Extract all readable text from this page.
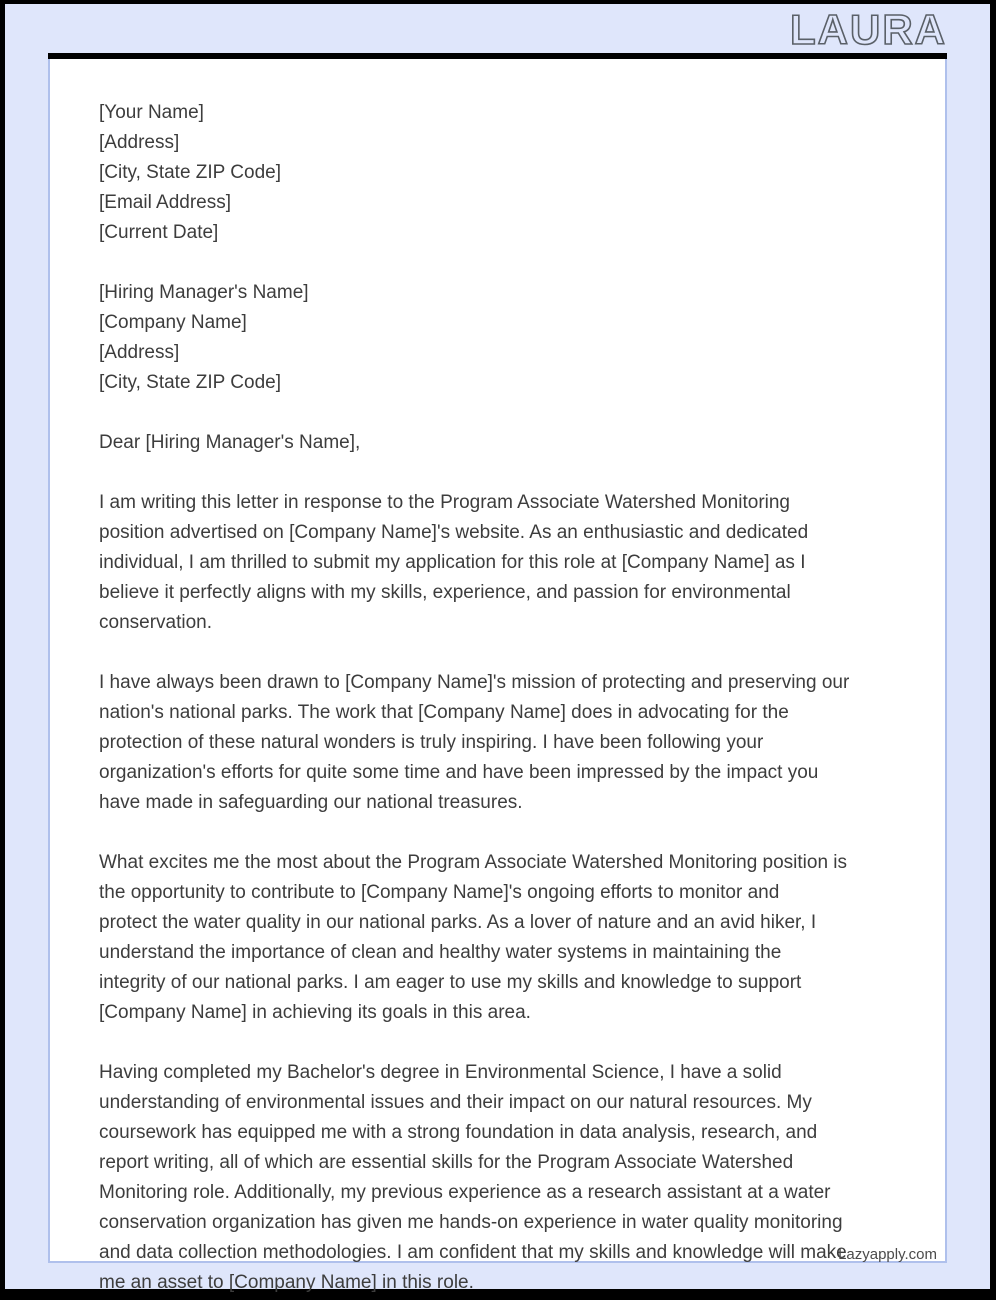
LAURA
[Your Name]
[Address]
[City, State ZIP Code]
[Email Address]
[Current Date]
[Hiring Manager's Name]
[Company Name]
[Address]
[City, State ZIP Code]
Dear [Hiring Manager's Name],
I am writing this letter in response to the Program Associate Watershed Monitoring
position advertised on [Company Name]'s website. As an enthusiastic and dedicated
individual, I am thrilled to submit my application for this role at [Company Name] as I
believe it perfectly aligns with my skills, experience, and passion for environmental
conservation.
I have always been drawn to [Company Name]'s mission of protecting and preserving our
nation's national parks. The work that [Company Name] does in advocating for the
protection of these natural wonders is truly inspiring. I have been following your
organization's efforts for quite some time and have been impressed by the impact you
have made in safeguarding our national treasures.
What excites me the most about the Program Associate Watershed Monitoring position is
the opportunity to contribute to [Company Name]'s ongoing efforts to monitor and
protect the water quality in our national parks. As a lover of nature and an avid hiker, I
understand the importance of clean and healthy water systems in maintaining the
integrity of our national parks. I am eager to use my skills and knowledge to support
[Company Name] in achieving its goals in this area.
Having completed my Bachelor's degree in Environmental Science, I have a solid
understanding of environmental issues and their impact on our natural resources. My
coursework has equipped me with a strong foundation in data analysis, research, and
report writing, all of which are essential skills for the Program Associate Watershed
Monitoring role. Additionally, my previous experience as a research assistant at a water
conservation organization has given me hands-on experience in water quality monitoring
and data collection methodologies. I am confident that my skills and knowledge will make
me an asset to [Company Name] in this role.
Lazyapply.com
